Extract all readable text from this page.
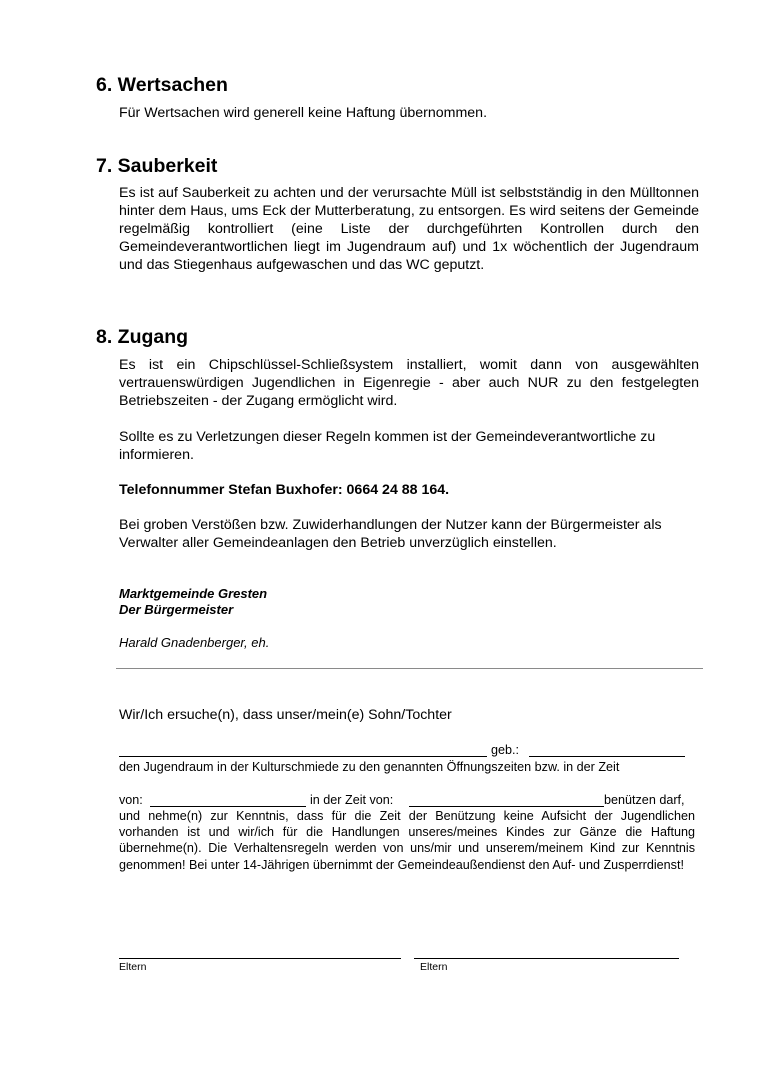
6. Wertsachen

Für Wertsachen wird generell keine Haftung übernommen.

7. Sauberkeit

Es ist auf Sauberkeit zu achten und der verursachte Müll ist selbstständig in den Mülltonnen hinter dem Haus, ums Eck der Mutterberatung, zu entsorgen. Es wird seitens der Gemeinde regelmäßig kontrolliert (eine Liste der durchgeführten Kontrollen durch den Gemeindeverantwortlichen liegt im Jugendraum auf) und 1x wöchentlich der Jugendraum und das Stiegenhaus aufgewaschen und das WC geputzt.

8. Zugang

Es ist ein Chipschlüssel-Schließsystem installiert, womit dann von ausgewählten vertrauenswürdigen Jugendlichen in Eigenregie - aber auch NUR zu den festgelegten Betriebszeiten - der Zugang ermöglicht wird.

Sollte es zu Verletzungen dieser Regeln kommen ist der Gemeindeverantwortliche zu informieren.

Telefonnummer Stefan Buxhofer: 0664 24 88 164.

Bei groben Verstößen bzw. Zuwiderhandlungen der Nutzer kann der Bürgermeister als Verwalter aller Gemeindeanlagen den Betrieb unverzüglich einstellen.

Marktgemeinde Gresten

Der Bürgermeister

Harald Gnadenberger, eh.

Wir/Ich ersuche(n), dass unser/mein(e) Sohn/Tochter

geb.:

den Jugendraum in der Kulturschmiede zu den genannten Öffnungszeiten bzw. in der Zeit

von:	in der Zeit von:	benützen darf,

und nehme(n) zur Kenntnis, dass für die Zeit der Benützung keine Aufsicht der Jugendlichen vorhanden ist und wir/ich für die Handlungen unseres/meines Kindes zur Gänze die Haftung übernehme(n). Die Verhaltensregeln werden von uns/mir und unserem/meinem Kind zur Kenntnis genommen! Bei unter 14-Jährigen übernimmt der Gemeindeaußendienst den Auf- und Zusperrdienst!

Eltern	Eltern
